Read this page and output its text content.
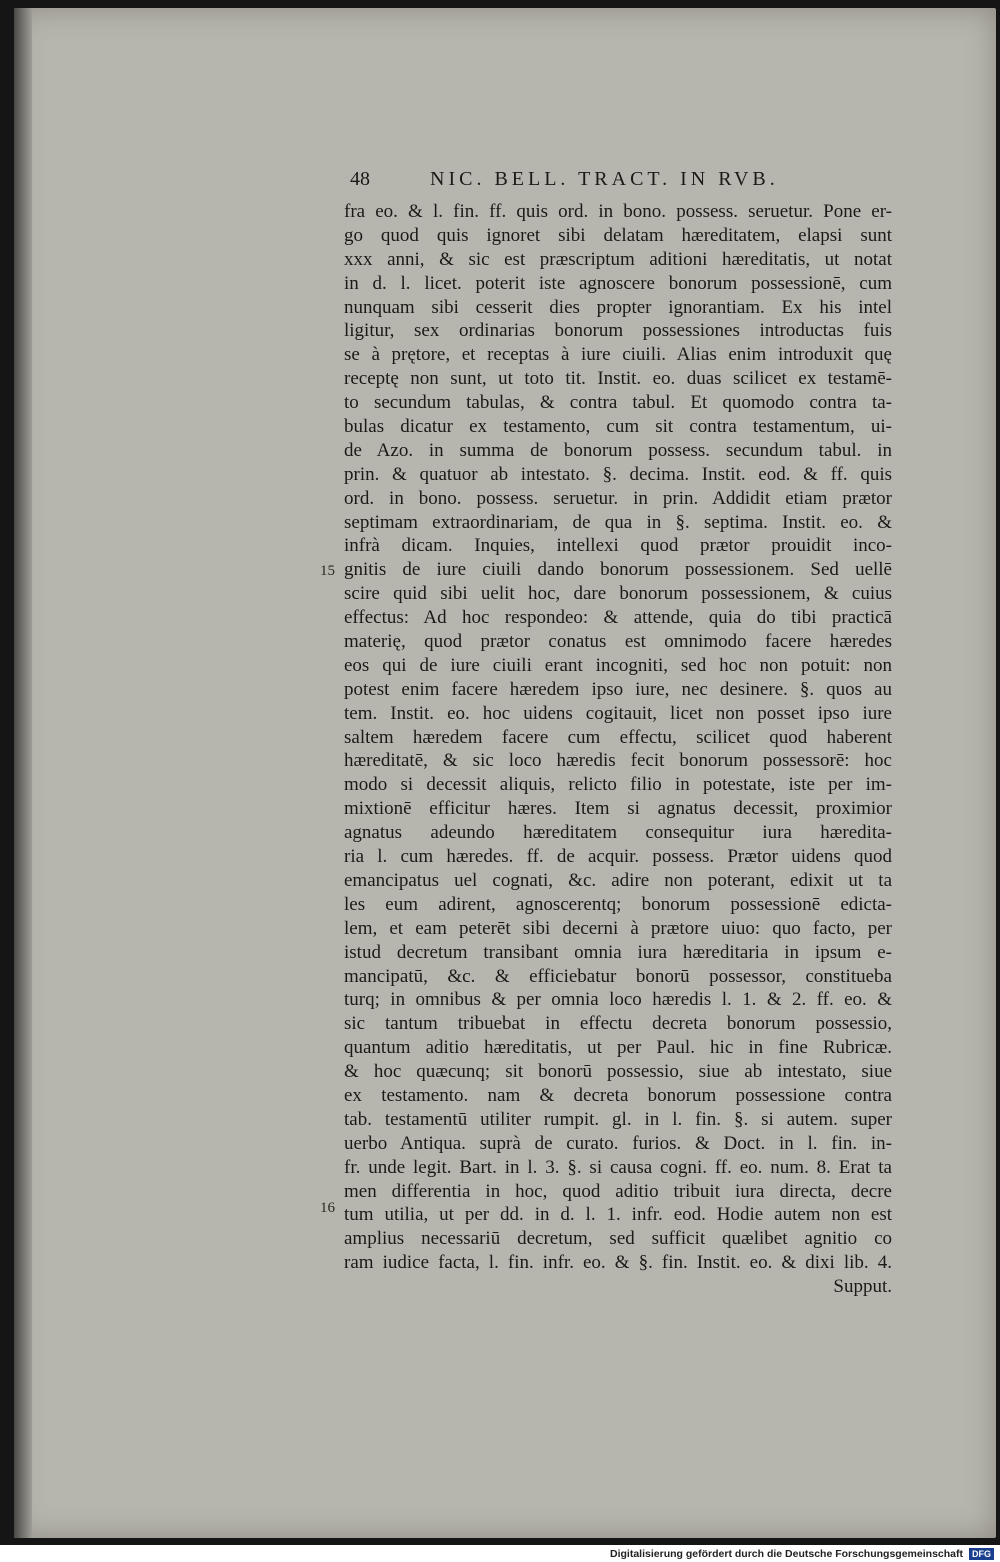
48	NIC. BELL. TRACT. IN RVB.
fra eo. & l. fin. ff. quis ord. in bono. possess. seruetur. Pone er-
go quod quis ignoret sibi delatam hæreditatem, elapsi sunt
xxx anni, & sic est præscriptum aditioni hæreditatis, ut notat
in d. l. licet. poterit iste agnoscere bonorum possessionē, cum
nunquam sibi cesserit dies propter ignorantiam. Ex his intel
ligitur, sex ordinarias bonorum possessiones introductas fuis
se à prętore, et receptas à iure ciuili. Alias enim introduxit quę
receptę non sunt, ut toto tit. Instit. eo. duas scilicet ex testamē-
to secundum tabulas, & contra tabul. Et quomodo contra ta-
bulas dicatur ex testamento, cum sit contra testamentum, ui-
de Azo. in summa de bonorum possess. secundum tabul. in
prin. & quatuor ab intestato. §. decima. Instit. eod. & ff. quis
ord. in bono. possess. seruetur. in prin. Addidit etiam prætor
septimam extraordinariam, de qua in §. septima. Instit. eo. &
infrà dicam. Inquies, intellexi quod prætor prouidit inco-
gnitis de iure ciuili dando bonorum possessionem. Sed uellē
scire quid sibi uelit hoc, dare bonorum possessionem, & cuius
effectus: Ad hoc respondeo: & attende, quia do tibi practicā
materię, quod prætor conatus est omnimodo facere hæredes
eos qui de iure ciuili erant incogniti, sed hoc non potuit: non
potest enim facere hæredem ipso iure, nec desinere. §. quos au
tem. Instit. eo. hoc uidens cogitauit, licet non posset ipso iure
saltem hæredem facere cum effectu, scilicet quod haberent
hæreditatē, & sic loco hæredis fecit bonorum possessorē: hoc
modo si decessit aliquis, relicto filio in potestate, iste per im-
mixtionē efficitur hæres. Item si agnatus decessit, proximior
agnatus adeundo hæreditatem consequitur iura hæredita-
ria l. cum hæredes. ff. de acquir. possess. Prætor uidens quod
emancipatus uel cognati, &c. adire non poterant, edixit ut ta
les eum adirent, agnoscerentq; bonorum possessionē edicta-
lem, et eam peterēt sibi decerni à prætore uiuo: quo facto, per
istud decretum transibant omnia iura hæreditaria in ipsum e-
mancipatū, &c. & efficiebatur bonorū possessor, constitueba
turq; in omnibus & per omnia loco hæredis l. 1. & 2. ff. eo. &
sic tantum tribuebat in effectu decreta bonorum possessio,
quantum aditio hæreditatis, ut per Paul. hic in fine Rubricæ.
& hoc quæcunq; sit bonorū possessio, siue ab intestato, siue
ex testamento. nam & decreta bonorum possessione contra
tab. testamentū utiliter rumpit. gl. in l. fin. §. si autem. super
uerbo Antiqua. suprà de curato. furios. & Doct. in l. fin. in-
fr. unde legit. Bart. in l. 3. §. si causa cogni. ff. eo. num. 8. Erat ta
men differentia in hoc, quod aditio tribuit iura directa, decre
tum utilia, ut per dd. in d. l. 1. infr. eod. Hodie autem non est
amplius necessariū decretum, sed sufficit quælibet agnitio co
ram iudice facta, l. fin. infr. eo. & §. fin. Instit. eo. & dixi lib. 4.
Supput.
15
16
Digitalisierung gefördert durch die Deutsche Forschungsgemeinschaft	DFG
